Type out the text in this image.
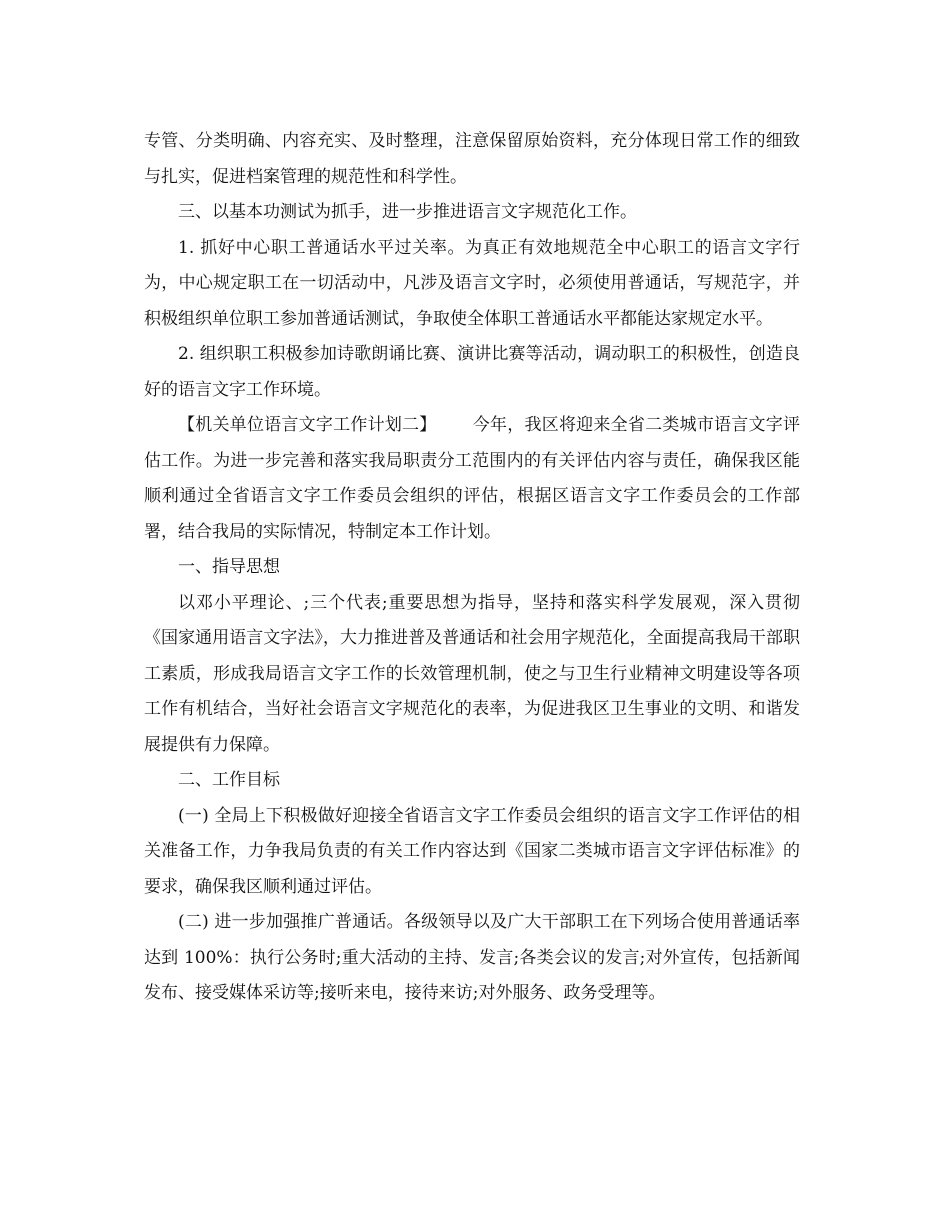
专管、分类明确、内容充实、及时整理，注意保留原始资料，充分体现日常工作的细致与扎实，促进档案管理的规范性和科学性。

三、以基本功测试为抓手，进一步推进语言文字规范化工作。

1. 抓好中心职工普通话水平过关率。为真正有效地规范全中心职工的语言文字行为，中心规定职工在一切活动中，凡涉及语言文字时，必须使用普通话，写规范字，并积极组织单位职工参加普通话测试，争取使全体职工普通话水平都能达家规定水平。

2. 组织职工积极参加诗歌朗诵比赛、演讲比赛等活动，调动职工的积极性，创造良好的语言文字工作环境。

【机关单位语言文字工作计划二】 今年，我区将迎来全省二类城市语言文字评估工作。为进一步完善和落实我局职责分工范围内的有关评估内容与责任，确保我区能顺利通过全省语言文字工作委员会组织的评估，根据区语言文字工作委员会的工作部署，结合我局的实际情况，特制定本工作计划。

一、指导思想

以邓小平理论、;三个代表;重要思想为指导，坚持和落实科学发展观，深入贯彻《国家通用语言文字法》，大力推进普及普通话和社会用字规范化，全面提高我局干部职工素质，形成我局语言文字工作的长效管理机制，使之与卫生行业精神文明建设等各项工作有机结合，当好社会语言文字规范化的表率，为促进我区卫生事业的文明、和谐发展提供有力保障。

二、工作目标

(一) 全局上下积极做好迎接全省语言文字工作委员会组织的语言文字工作评估的相关准备工作，力争我局负责的有关工作内容达到《国家二类城市语言文字评估标准》的要求，确保我区顺利通过评估。

(二) 进一步加强推广普通话。各级领导以及广大干部职工在下列场合使用普通话率达到 100%：执行公务时;重大活动的主持、发言;各类会议的发言;对外宣传，包括新闻发布、接受媒体采访等;接听来电，接待来访;对外服务、政务受理等。
